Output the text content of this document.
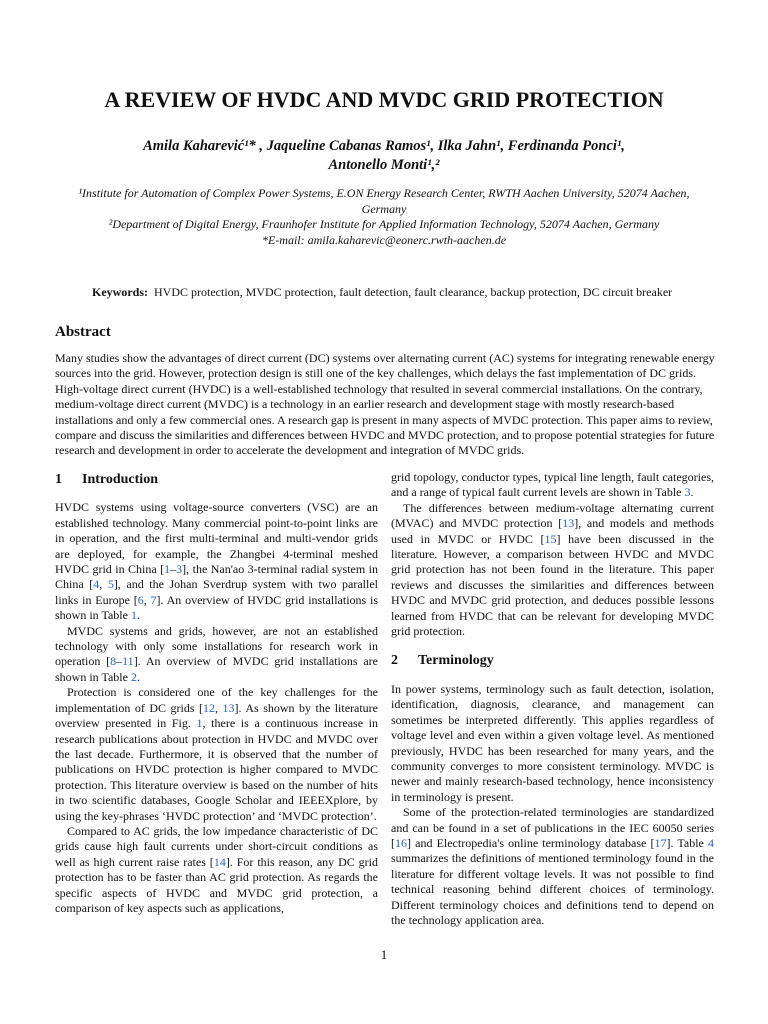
A REVIEW OF HVDC AND MVDC GRID PROTECTION
Amila Kaharević¹* , Jaqueline Cabanas Ramos¹, Ilka Jahn¹, Ferdinanda Ponci¹,
Antonello Monti¹,²

¹Institute for Automation of Complex Power Systems, E.ON Energy Research Center, RWTH Aachen University, 52074 Aachen, Germany

²Department of Digital Energy, Fraunhofer Institute for Applied Information Technology, 52074 Aachen, Germany

*E-mail: amila.kaharevic@eonerc.rwth-aachen.de

Keywords: HVDC protection, MVDC protection, fault detection, fault clearance, backup protection, DC circuit breaker
Abstract
Many studies show the advantages of direct current (DC) systems over alternating current (AC) systems for integrating renewable energy sources into the grid. However, protection design is still one of the key challenges, which delays the fast implementation of DC grids. High-voltage direct current (HVDC) is a well-established technology that resulted in several commercial installations. On the contrary, medium-voltage direct current (MVDC) is a technology in an earlier research and development stage with mostly research-based installations and only a few commercial ones. A research gap is present in many aspects of MVDC protection. This paper aims to review, compare and discuss the similarities and differences between HVDC and MVDC protection, and to propose potential strategies for future research and development in order to accelerate the development and integration of MVDC grids.
1 Introduction

HVDC systems using voltage-source converters (VSC) are an established technology. Many commercial point-to-point links are in operation, and the first multi-terminal and multi-vendor grids are deployed, for example, the Zhangbei 4-terminal meshed HVDC grid in China [1–3], the Nan'ao 3-terminal radial system in China [4, 5], and the Johan Sverdrup system with two parallel links in Europe [6, 7]. An overview of HVDC grid installations is shown in Table 1.

MVDC systems and grids, however, are not an established technology with only some installations for research work in operation [8–11]. An overview of MVDC grid installations are shown in Table 2.

Protection is considered one of the key challenges for the implementation of DC grids [12, 13]. As shown by the literature overview presented in Fig. 1, there is a continuous increase in research publications about protection in HVDC and MVDC over the last decade. Furthermore, it is observed that the number of publications on HVDC protection is higher compared to MVDC protection. This literature overview is based on the number of hits in two scientific databases, Google Scholar and IEEEXplore, by using the key-phrases ‘HVDC protection’ and ‘MVDC protection’.

Compared to AC grids, the low impedance characteristic of DC grids cause high fault currents under short-circuit conditions as well as high current raise rates [14]. For this reason, any DC grid protection has to be faster than AC grid protection. As regards the specific aspects of HVDC and MVDC grid protection, a comparison of key aspects such as applications,

grid topology, conductor types, typical line length, fault categories, and a range of typical fault current levels are shown in Table 3.

The differences between medium-voltage alternating current (MVAC) and MVDC protection [13], and models and methods used in MVDC or HVDC [15] have been discussed in the literature. However, a comparison between HVDC and MVDC grid protection has not been found in the literature. This paper reviews and discusses the similarities and differences between HVDC and MVDC grid protection, and deduces possible lessons learned from HVDC that can be relevant for developing MVDC grid protection.

2 Terminology

In power systems, terminology such as fault detection, isolation, identification, diagnosis, clearance, and management can sometimes be interpreted differently. This applies regardless of voltage level and even within a given voltage level. As mentioned previously, HVDC has been researched for many years, and the community converges to more consistent terminology. MVDC is newer and mainly research-based technology, hence inconsistency in terminology is present.

Some of the protection-related terminologies are standardized and can be found in a set of publications in the IEC 60050 series [16] and Electropedia's online terminology database [17]. Table 4 summarizes the definitions of mentioned terminology found in the literature for different voltage levels. It was not possible to find technical reasoning behind different choices of terminology. Different terminology choices and definitions tend to depend on the technology application area.

1
